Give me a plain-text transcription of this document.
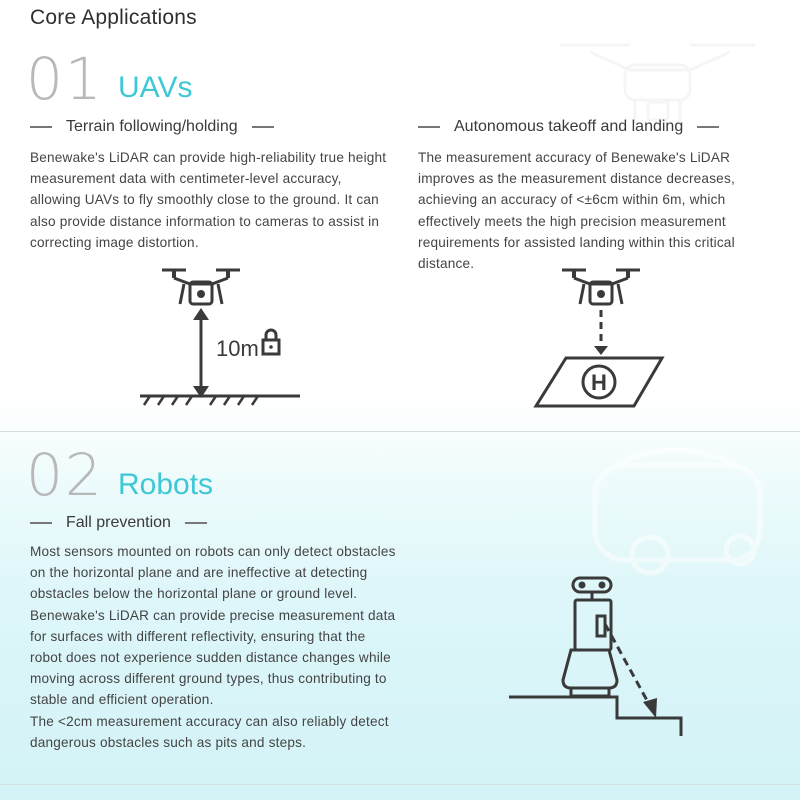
Core Applications
01 UAVs
Terrain following/holding

Benewake's LiDAR can provide high-reliability true height measurement data with centimeter-level accuracy, allowing UAVs to fly smoothly close to the ground. It can also provide distance information to cameras to assist in correcting image distortion.

Autonomous takeoff and landing

The measurement accuracy of Benewake's LiDAR improves as the measurement distance decreases, achieving an accuracy of <±6cm within 6m, which effectively meets the high precision measurement requirements for assisted landing within this critical distance.

10m
H
02 Robots
Fall prevention

Most sensors mounted on robots can only detect obstacles on the horizontal plane and are ineffective at detecting obstacles below the horizontal plane or ground level.

Benewake's LiDAR can provide precise measurement data for surfaces with different reflectivity, ensuring that the robot does not experience sudden distance changes while moving across different ground types, thus contributing to stable and efficient operation.

The <2cm measurement accuracy can also reliably detect dangerous obstacles such as pits and steps.
